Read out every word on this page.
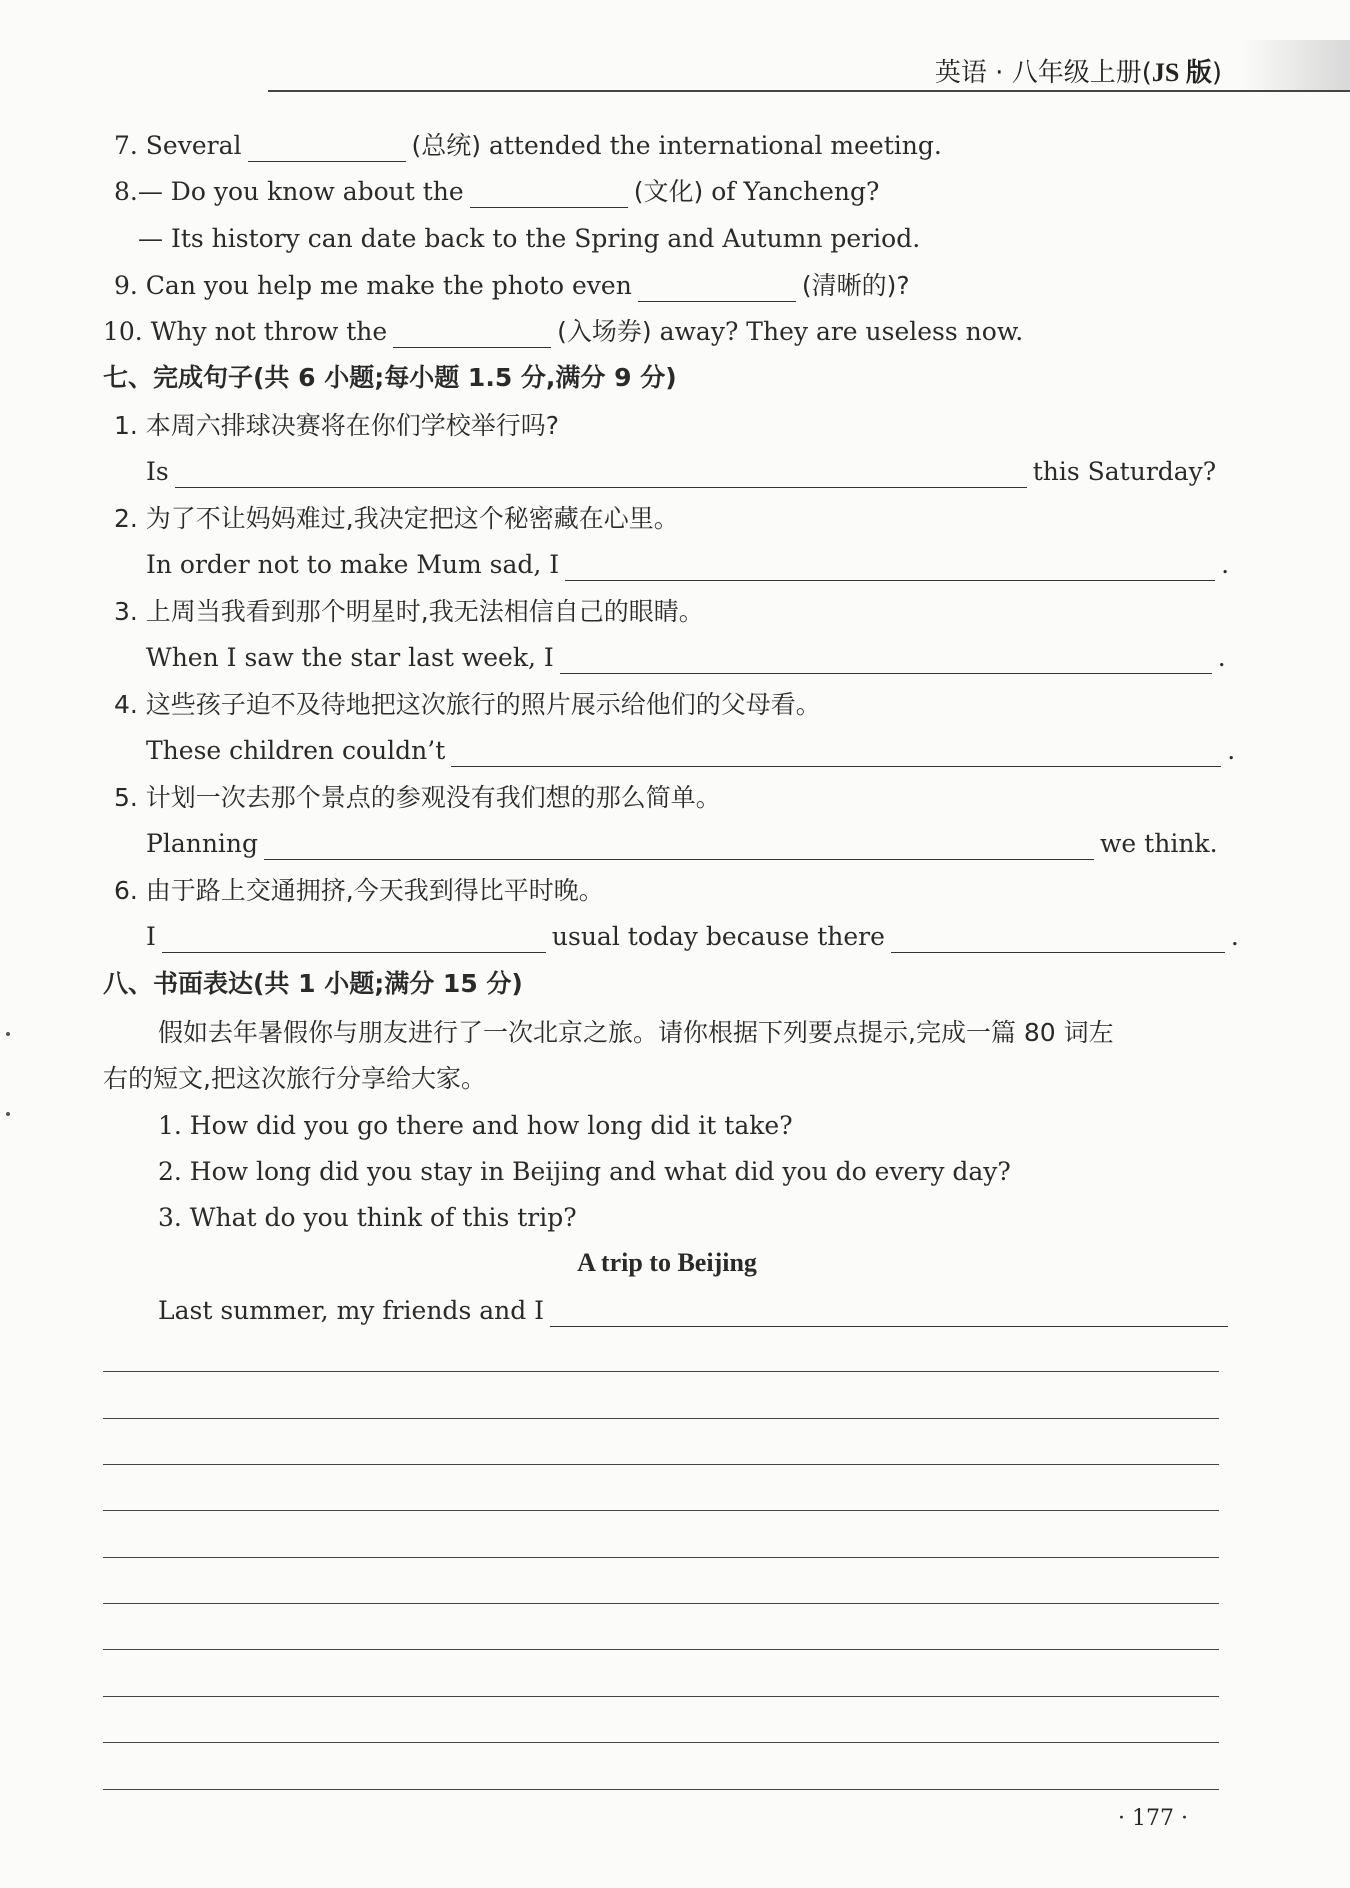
英语 · 八年级上册(JS 版)
7. Several	(总统)
attended the international meeting.
8.— Do you know about the	(文化)
of Yancheng?
— Its history can date back to the Spring and Autumn period.
9. Can you help me make the photo even	(清晰的)?
10. Why not throw the	(入场券)
away? They are useless now.
七、完成句子(共 6 小题;每小题 1.5 分,满分 9 分)
1. 本周六排球决赛将在你们学校举行吗?
Is	this Saturday?
2. 为了不让妈妈难过,我决定把这个秘密藏在心里。
In order not to make Mum sad, I	.
3. 上周当我看到那个明星时,我无法相信自己的眼睛。
When I saw the star last week, I	.
4. 这些孩子迫不及待地把这次旅行的照片展示给他们的父母看。
These children couldn’t	.
5. 计划一次去那个景点的参观没有我们想的那么简单。
Planning	we think.
6. 由于路上交通拥挤,今天我到得比平时晚。
I	usual today because there	.
八、书面表达(共 1 小题;满分 15 分)
假如去年暑假你与朋友进行了一次北京之旅。请你根据下列要点提示,完成一篇 80 词左
右的短文,把这次旅行分享给大家。
1. How did you go there and how long did it take?
2. How long did you stay in Beijing and what did you do every day?
3. What do you think of this trip?
A trip to Beijing
Last summer, my friends and I
· 177 ·
